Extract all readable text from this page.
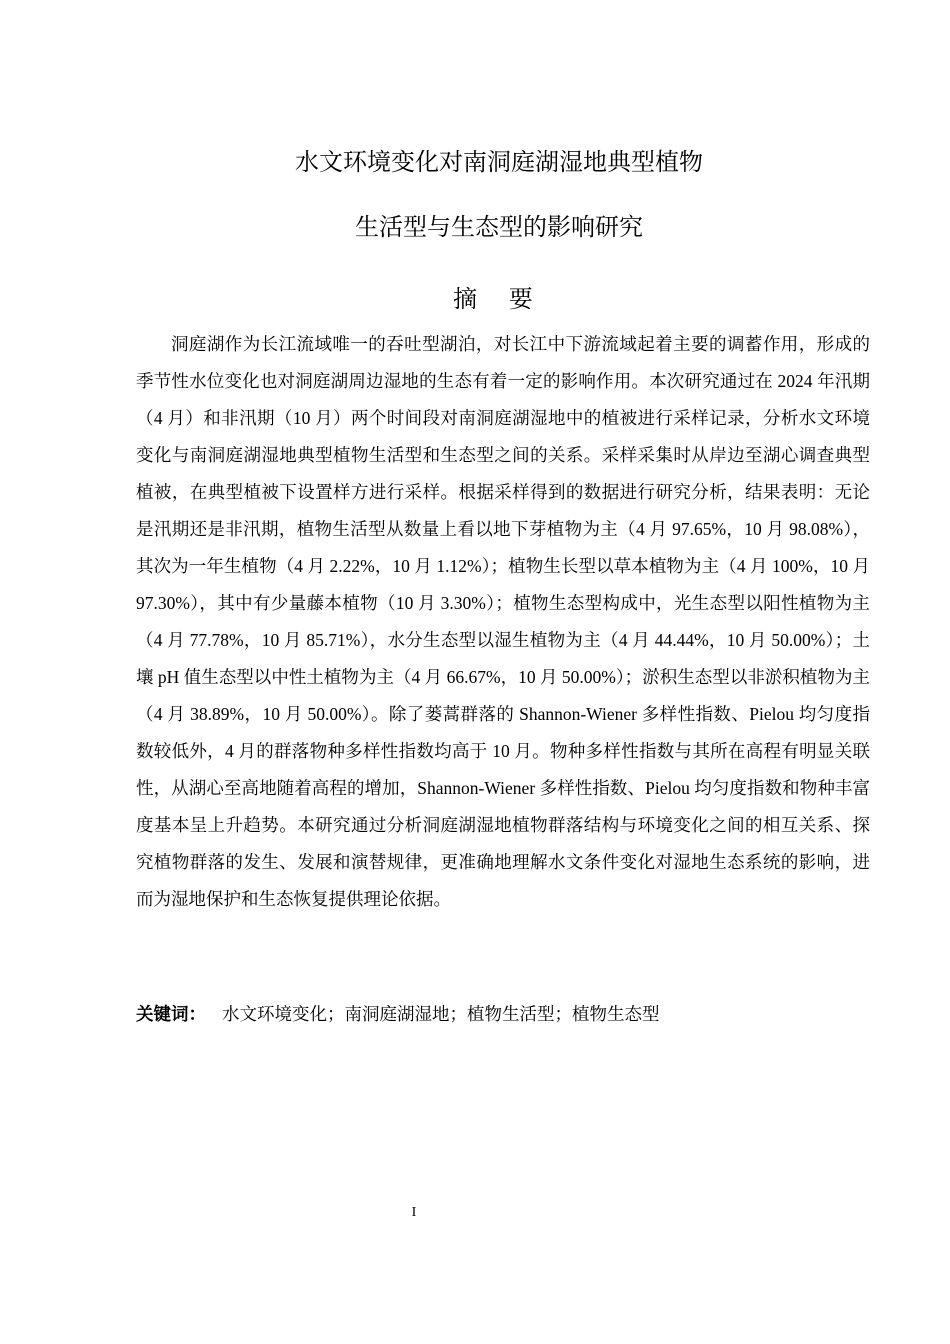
水文环境变化对南洞庭湖湿地典型植物
生活型与生态型的影响研究
摘 要

洞庭湖作为长江流域唯一的吞吐型湖泊，对长江中下游流域起着主要的调蓄作用，形成的季节性水位变化也对洞庭湖周边湿地的生态有着一定的影响作用。本次研究通过在 2024 年汛期（4 月）和非汛期（10 月）两个时间段对南洞庭湖湿地中的植被进行采样记录，分析水文环境变化与南洞庭湖湿地典型植物生活型和生态型之间的关系。采样采集时从岸边至湖心调查典型植被，在典型植被下设置样方进行采样。根据采样得到的数据进行研究分析，结果表明：无论是汛期还是非汛期，植物生活型从数量上看以地下芽植物为主（4 月 97.65%，10 月 98.08%），其次为一年生植物（4 月 2.22%，10 月 1.12%）；植物生长型以草本植物为主（4 月 100%，10 月 97.30%），其中有少量藤本植物（10 月 3.30%）；植物生态型构成中，光生态型以阳性植物为主（4 月 77.78%，10 月 85.71%），水分生态型以湿生植物为主（4 月 44.44%，10 月 50.00%）；土壤 pH 值生态型以中性土植物为主（4 月 66.67%，10 月 50.00%）；淤积生态型以非淤积植物为主（4 月 38.89%，10 月 50.00%）。除了蒌蒿群落的 Shannon-Wiener 多样性指数、Pielou 均匀度指数较低外，4 月的群落物种多样性指数均高于 10 月。物种多样性指数与其所在高程有明显关联性，从湖心至高地随着高程的增加，Shannon-Wiener 多样性指数、Pielou 均匀度指数和物种丰富度基本呈上升趋势。本研究通过分析洞庭湖湿地植物群落结构与环境变化之间的相互关系、探究植物群落的发生、发展和演替规律，更准确地理解水文条件变化对湿地生态系统的影响，进而为湿地保护和生态恢复提供理论依据。

关键词： 水文环境变化；南洞庭湖湿地；植物生活型；植物生态型

I
